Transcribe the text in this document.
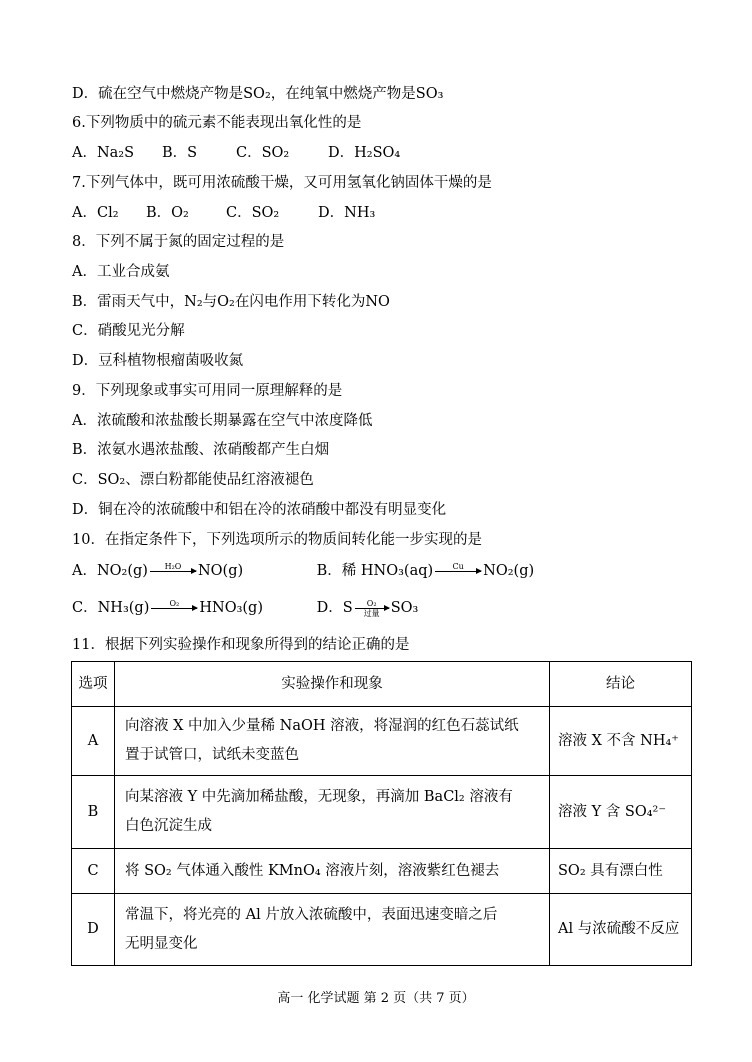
D．硫在空气中燃烧产物是SO₂，在纯氧中燃烧产物是SO₃
6.下列物质中的硫元素不能表现出氧化性的是
A．Na₂S B．S	C．SO₂	D．H₂SO₄
7.下列气体中，既可用浓硫酸干燥，又可用氢氧化钠固体干燥的是
A．Cl₂ B．O₂	C．SO₂	D．NH₃
8．下列不属于氮的固定过程的是
A．工业合成氨
B．雷雨天气中，N₂与O₂在闪电作用下转化为NO
C．硝酸见光分解
D．豆科植物根瘤菌吸收氮
9．下列现象或事实可用同一原理解释的是
A．浓硫酸和浓盐酸长期暴露在空气中浓度降低
B．浓氨水遇浓盐酸、浓硝酸都产生白烟
C．SO₂、漂白粉都能使品红溶液褪色
D．铜在冷的浓硫酸中和铝在冷的浓硝酸中都没有明显变化
10．在指定条件下，下列选项所示的物质间转化能一步实现的是
A． NO₂(g) H₂O NO(g)
	B． 稀 HNO₃(aq) Cu NO₂(g)
C． NH₃(g)	O₂ HNO₃(g)
	D． S O₂
过量 SO₃
11．根据下列实验操作和现象所得到的结论正确的是
选项	实验操作和现象	结论
A	向溶液 X 中加入少量稀 NaOH 溶液，将湿润的红色石蕊试纸
置于试管口，试纸未变蓝色	溶液 X 不含 NH₄⁺
B	向某溶液 Y 中先滴加稀盐酸，无现象，再滴加 BaCl₂ 溶液有
白色沉淀生成	溶液 Y 含 SO₄²⁻
C	将 SO₂ 气体通入酸性 KMnO₄ 溶液片刻，溶液紫红色褪去	SO₂ 具有漂白性
D	常温下，将光亮的 Al 片放入浓硫酸中，表面迅速变暗之后
无明显变化	Al 与浓硫酸不反应
高一 化学试题 第 2 页（共 7 页）
